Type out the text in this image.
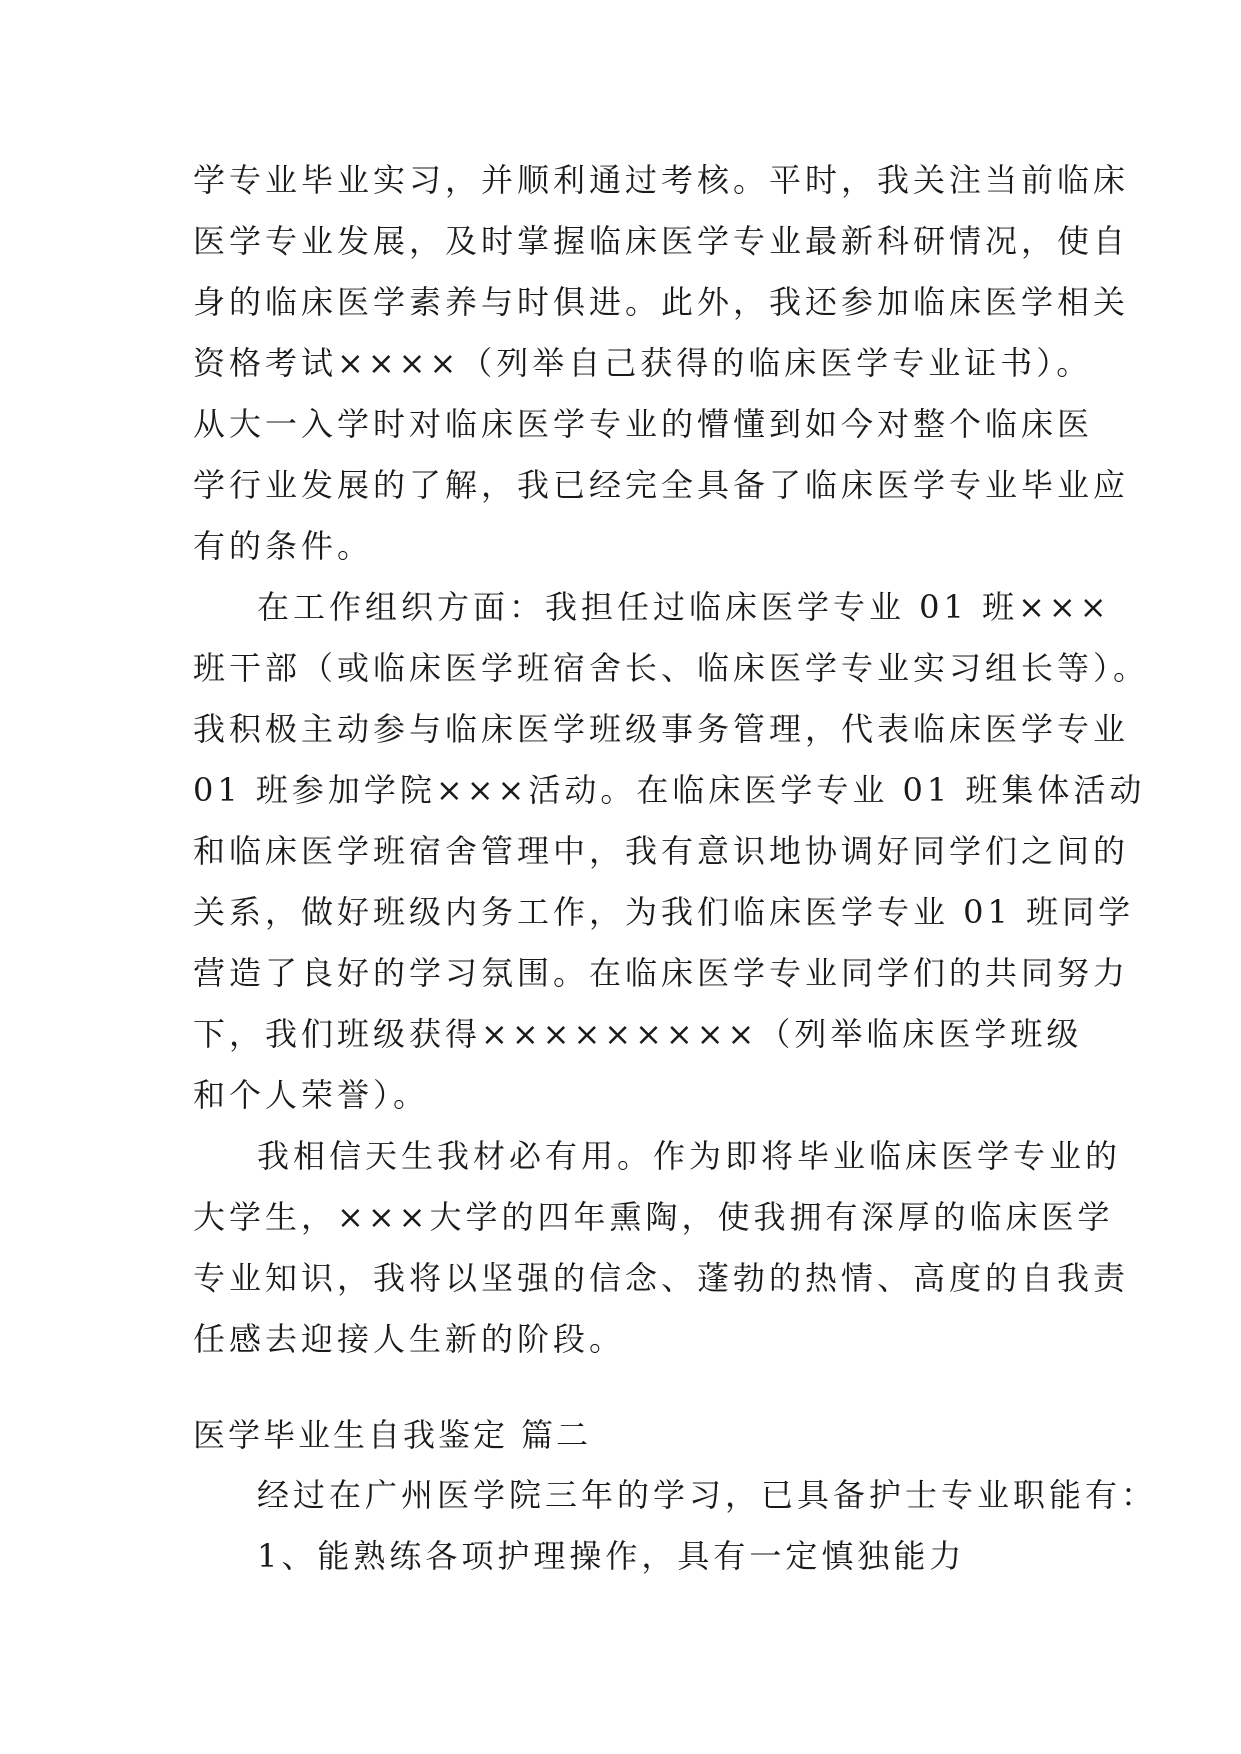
学专业毕业实习，并顺利通过考核。平时，我关注当前临床
医学专业发展，及时掌握临床医学专业最新科研情况，使自
身的临床医学素养与时俱进。此外，我还参加临床医学相关
资格考试××××（列举自己获得的临床医学专业证书）。
从大一入学时对临床医学专业的懵懂到如今对整个临床医
学行业发展的了解，我已经完全具备了临床医学专业毕业应
有的条件。
在工作组织方面：我担任过临床医学专业 01 班×××
班干部（或临床医学班宿舍长、临床医学专业实习组长等）。
我积极主动参与临床医学班级事务管理，代表临床医学专业
01 班参加学院×××活动。在临床医学专业 01 班集体活动
和临床医学班宿舍管理中，我有意识地协调好同学们之间的
关系，做好班级内务工作，为我们临床医学专业 01 班同学
营造了良好的学习氛围。在临床医学专业同学们的共同努力
下，我们班级获得×××××××××（列举临床医学班级
和个人荣誉）。
我相信天生我材必有用。作为即将毕业临床医学专业的
大学生，×××大学的四年熏陶，使我拥有深厚的临床医学
专业知识，我将以坚强的信念、蓬勃的热情、高度的自我责
任感去迎接人生新的阶段。
医学毕业生自我鉴定 篇二
经过在广州医学院三年的学习，已具备护士专业职能有：
1、能熟练各项护理操作，具有一定慎独能力
